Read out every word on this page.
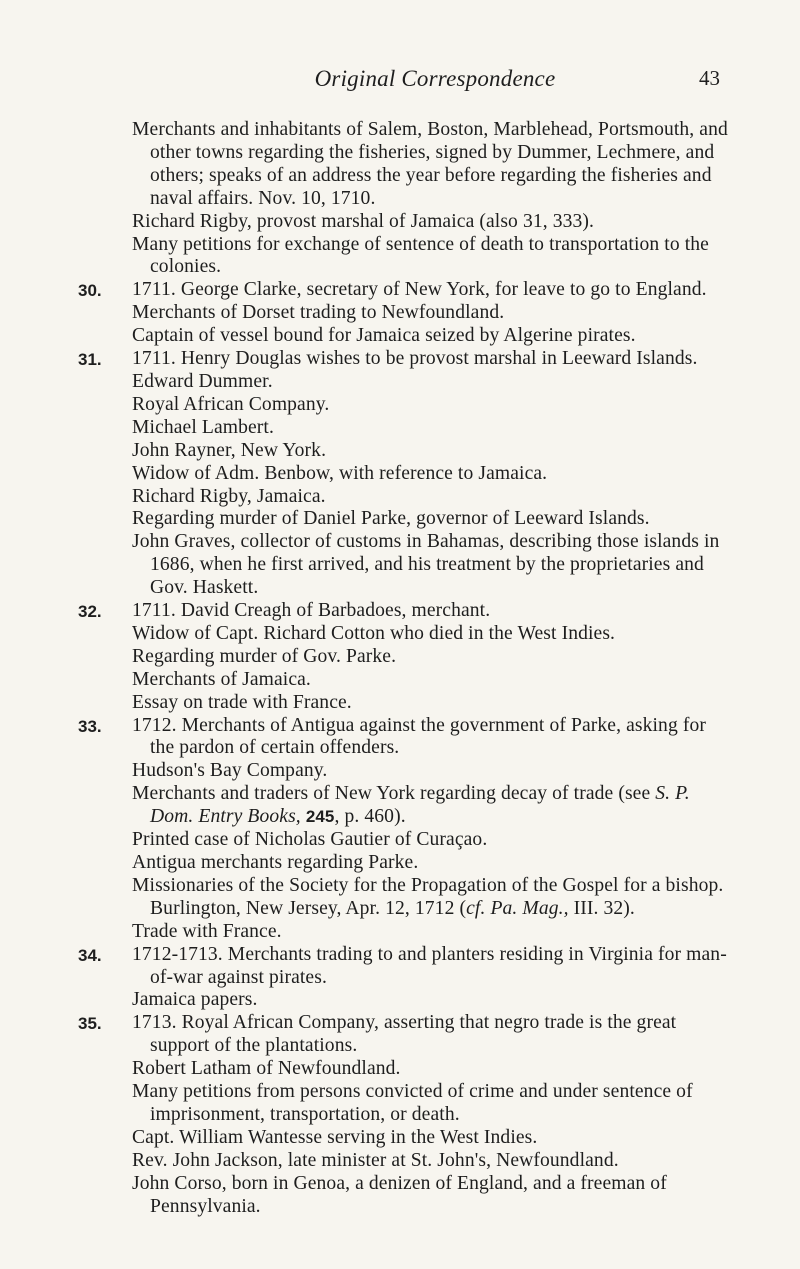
Original Correspondence	43
Merchants and inhabitants of Salem, Boston, Marblehead, Portsmouth, and other towns regarding the fisheries, signed by Dummer, Lechmere, and others; speaks of an address the year before regarding the fisheries and naval affairs. Nov. 10, 1710.
Richard Rigby, provost marshal of Jamaica (also 31, 333).
Many petitions for exchange of sentence of death to transportation to the colonies.
30.	1711. George Clarke, secretary of New York, for leave to go to England.
Merchants of Dorset trading to Newfoundland.
Captain of vessel bound for Jamaica seized by Algerine pirates.
31.	1711. Henry Douglas wishes to be provost marshal in Leeward Islands.
Edward Dummer.
Royal African Company.
Michael Lambert.
John Rayner, New York.
Widow of Adm. Benbow, with reference to Jamaica.
Richard Rigby, Jamaica.
Regarding murder of Daniel Parke, governor of Leeward Islands.
John Graves, collector of customs in Bahamas, describing those islands in 1686, when he first arrived, and his treatment by the proprietaries and Gov. Haskett.
32.	1711. David Creagh of Barbadoes, merchant.
Widow of Capt. Richard Cotton who died in the West Indies.
Regarding murder of Gov. Parke.
Merchants of Jamaica.
Essay on trade with France.
33.	1712. Merchants of Antigua against the government of Parke, asking for the pardon of certain offenders.
Hudson's Bay Company.
Merchants and traders of New York regarding decay of trade (see S. P. Dom. Entry Books, 245, p. 460).
Printed case of Nicholas Gautier of Curaçao.
Antigua merchants regarding Parke.
Missionaries of the Society for the Propagation of the Gospel for a bishop. Burlington, New Jersey, Apr. 12, 1712 (cf. Pa. Mag., III. 32).
Trade with France.
34.	1712-1713. Merchants trading to and planters residing in Virginia for man-of-war against pirates.
Jamaica papers.
35.	1713. Royal African Company, asserting that negro trade is the great support of the plantations.
Robert Latham of Newfoundland.
Many petitions from persons convicted of crime and under sentence of imprisonment, transportation, or death.
Capt. William Wantesse serving in the West Indies.
Rev. John Jackson, late minister at St. John's, Newfoundland.
John Corso, born in Genoa, a denizen of England, and a freeman of Pennsylvania.
